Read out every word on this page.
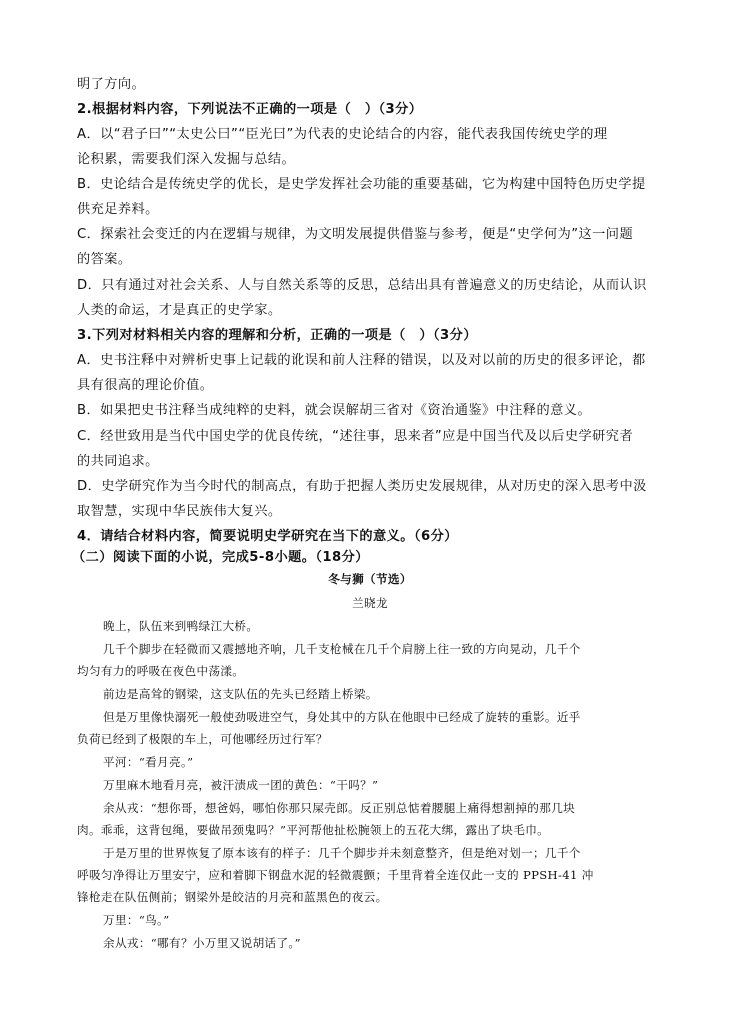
明了方向。
2.根据材料内容，下列说法不正确的一项是（　）（3分）
A．以“君子曰”“太史公曰”“臣光曰”为代表的史论结合的内容，能代表我国传统史学的理
论积累，需要我们深入发掘与总结。
B．史论结合是传统史学的优长，是史学发挥社会功能的重要基础，它为构建中国特色历史学提
供充足养料。
C．探索社会变迁的内在逻辑与规律，为文明发展提供借鉴与参考，便是“史学何为”这一问题
的答案。
D．只有通过对社会关系、人与自然关系等的反思，总结出具有普遍意义的历史结论，从而认识
人类的命运，才是真正的史学家。
3.下列对材料相关内容的理解和分析，正确的一项是（　）（3分）
A．史书注释中对辨析史事上记载的讹误和前人注释的错误，以及对以前的历史的很多评论，都
具有很高的理论价值。
B．如果把史书注释当成纯粹的史料，就会误解胡三省对《资治通鉴》中注释的意义。
C．经世致用是当代中国史学的优良传统，“述往事，思来者”应是中国当代及以后史学研究者
的共同追求。
D．史学研究作为当今时代的制高点，有助于把握人类历史发展规律，从对历史的深入思考中汲
取智慧，实现中华民族伟大复兴。
4．请结合材料内容，简要说明史学研究在当下的意义。（6分）
（二）阅读下面的小说，完成5-8小题。（18分）
冬与狮（节选）
兰晓龙
晚上，队伍来到鸭绿江大桥。
几千个脚步在轻微而又震撼地齐响，几千支枪械在几千个肩膀上往一致的方向晃动，几千个
均匀有力的呼吸在夜色中荡漾。
前边是高耸的钢梁，这支队伍的先头已经踏上桥梁。
但是万里像快溺死一般使劲吸进空气，身处其中的方队在他眼中已经成了旋转的重影。近乎
负荷已经到了极限的车上，可他哪经历过行军？
平河：“看月亮。”
万里麻木地看月亮，被汗渍成一团的黄色：“干吗？”
余从戎：“想你哥，想爸妈，哪怕你那只屎壳郎。反正别总惦着腰腿上痛得想割掉的那几块
肉。乖乖，这背包绳，要做吊颈鬼吗？”平河帮他扯松腕领上的五花大绑，露出了块毛巾。
于是万里的世界恢复了原本该有的样子：几千个脚步并未刻意整齐，但是绝对划一；几千个
呼吸匀净得让万里安宁，应和着脚下钢盘水泥的轻微震颤；千里背着全连仅此一支的 PPSH-41 冲
锋枪走在队伍侧前；钢梁外是皎洁的月亮和蓝黑色的夜云。
万里：“鸟。”
余从戎：“哪有？小万里又说胡话了。”
